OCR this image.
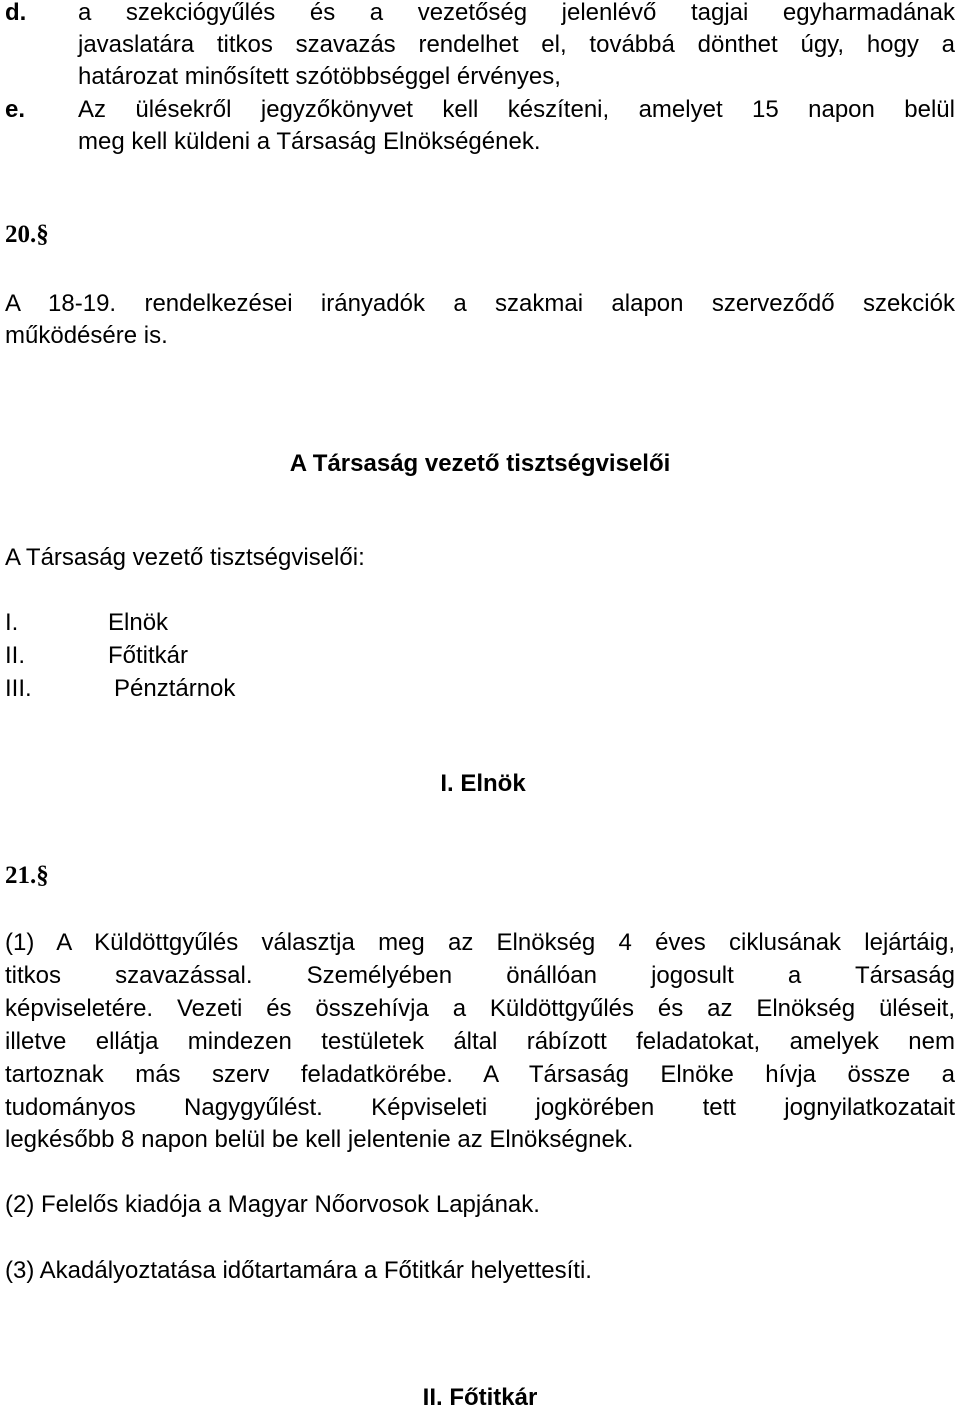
d.	a szekciógyűlés és a vezetőség jelenlévő tagjai egyharmadának
javaslatára titkos szavazás rendelhet el, továbbá dönthet úgy, hogy a
határozat minősített szótöbbséggel érvényes,
e.	Az ülésekről jegyzőkönyvet kell készíteni, amelyet 15 napon belül
meg kell küldeni a Társaság Elnökségének.
20.§
A 18-19. rendelkezései irányadók a szakmai alapon szerveződő szekciók
működésére is.
A Társaság vezető tisztségviselői
A Társaság vezető tisztségviselői:
I.	Elnök
II.	Főtitkár
III.	Pénztárnok
I. Elnök
21.§
(1) A Küldöttgyűlés választja meg az Elnökség 4 éves ciklusának lejártáig,
titkos szavazással. Személyében önállóan jogosult a Társaság
képviseletére. Vezeti és összehívja a Küldöttgyűlés és az Elnökség üléseit,
illetve ellátja mindezen testületek által rábízott feladatokat, amelyek nem
tartoznak más szerv feladatkörébe. A Társaság Elnöke hívja össze a
tudományos Nagygyűlést. Képviseleti jogkörében tett jognyilatkozatait
legkésőbb 8 napon belül be kell jelentenie az Elnökségnek.
(2) Felelős kiadója a Magyar Nőorvosok Lapjának.
(3) Akadályoztatása időtartamára a Főtitkár helyettesíti.
II. Főtitkár
